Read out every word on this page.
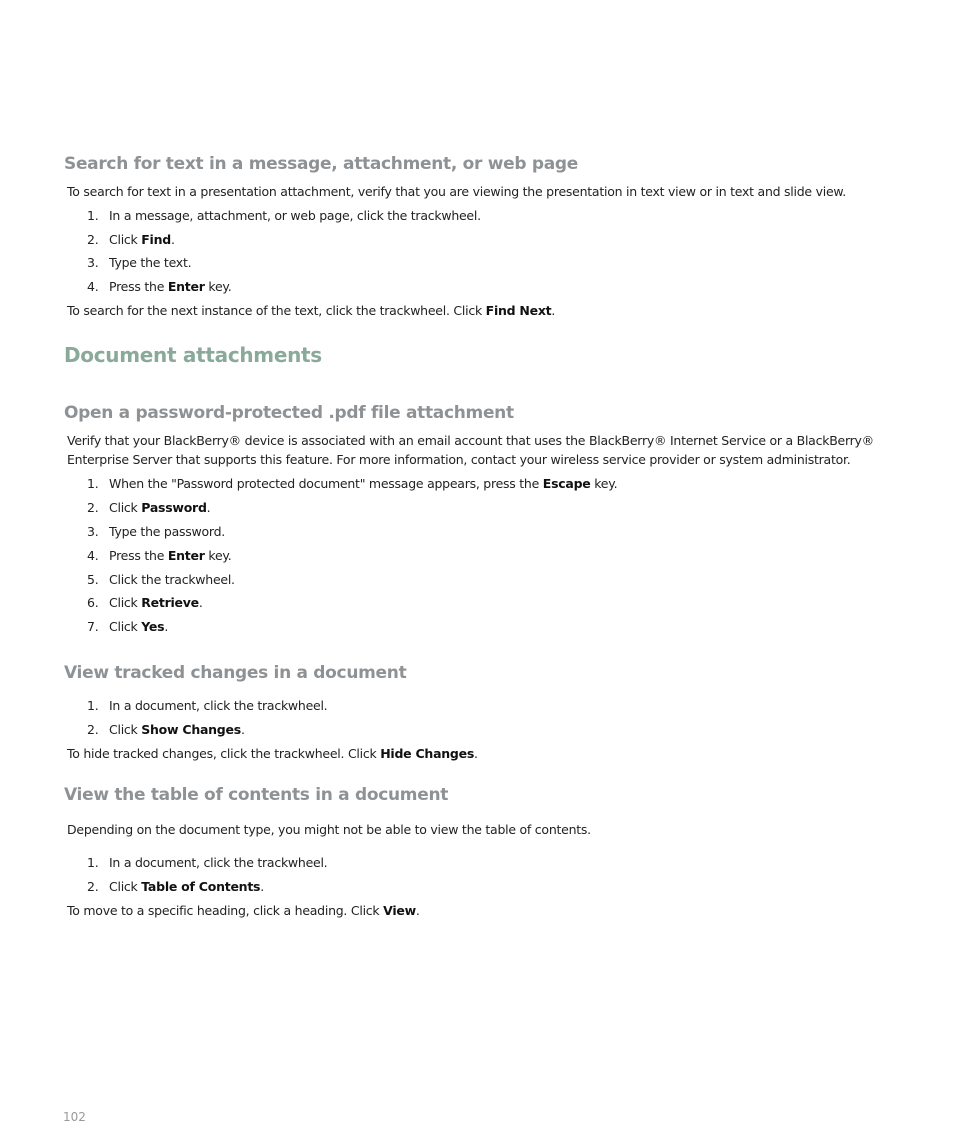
Search for text in a message, attachment, or web page

To search for text in a presentation attachment, verify that you are viewing the presentation in text view or in text and slide view.

1. In a message, attachment, or web page, click the trackwheel.

2. Click Find.

3. Type the text.

4. Press the Enter key.

To search for the next instance of the text, click the trackwheel. Click Find Next.

Document attachments
Open a password-protected .pdf file attachment

Verify that your BlackBerry® device is associated with an email account that uses the BlackBerry® Internet Service or a BlackBerry®

Enterprise Server that supports this feature. For more information, contact your wireless service provider or system administrator.

1. When the "Password protected document" message appears, press the Escape key.

2. Click Password.

3. Type the password.

4. Press the Enter key.

5. Click the trackwheel.

6. Click Retrieve.

7. Click Yes.

View tracked changes in a document

1. In a document, click the trackwheel.

2. Click Show Changes.

To hide tracked changes, click the trackwheel. Click Hide Changes.

View the table of contents in a document

Depending on the document type, you might not be able to view the table of contents.

1. In a document, click the trackwheel.

2. Click Table of Contents.

To move to a specific heading, click a heading. Click View.

102
